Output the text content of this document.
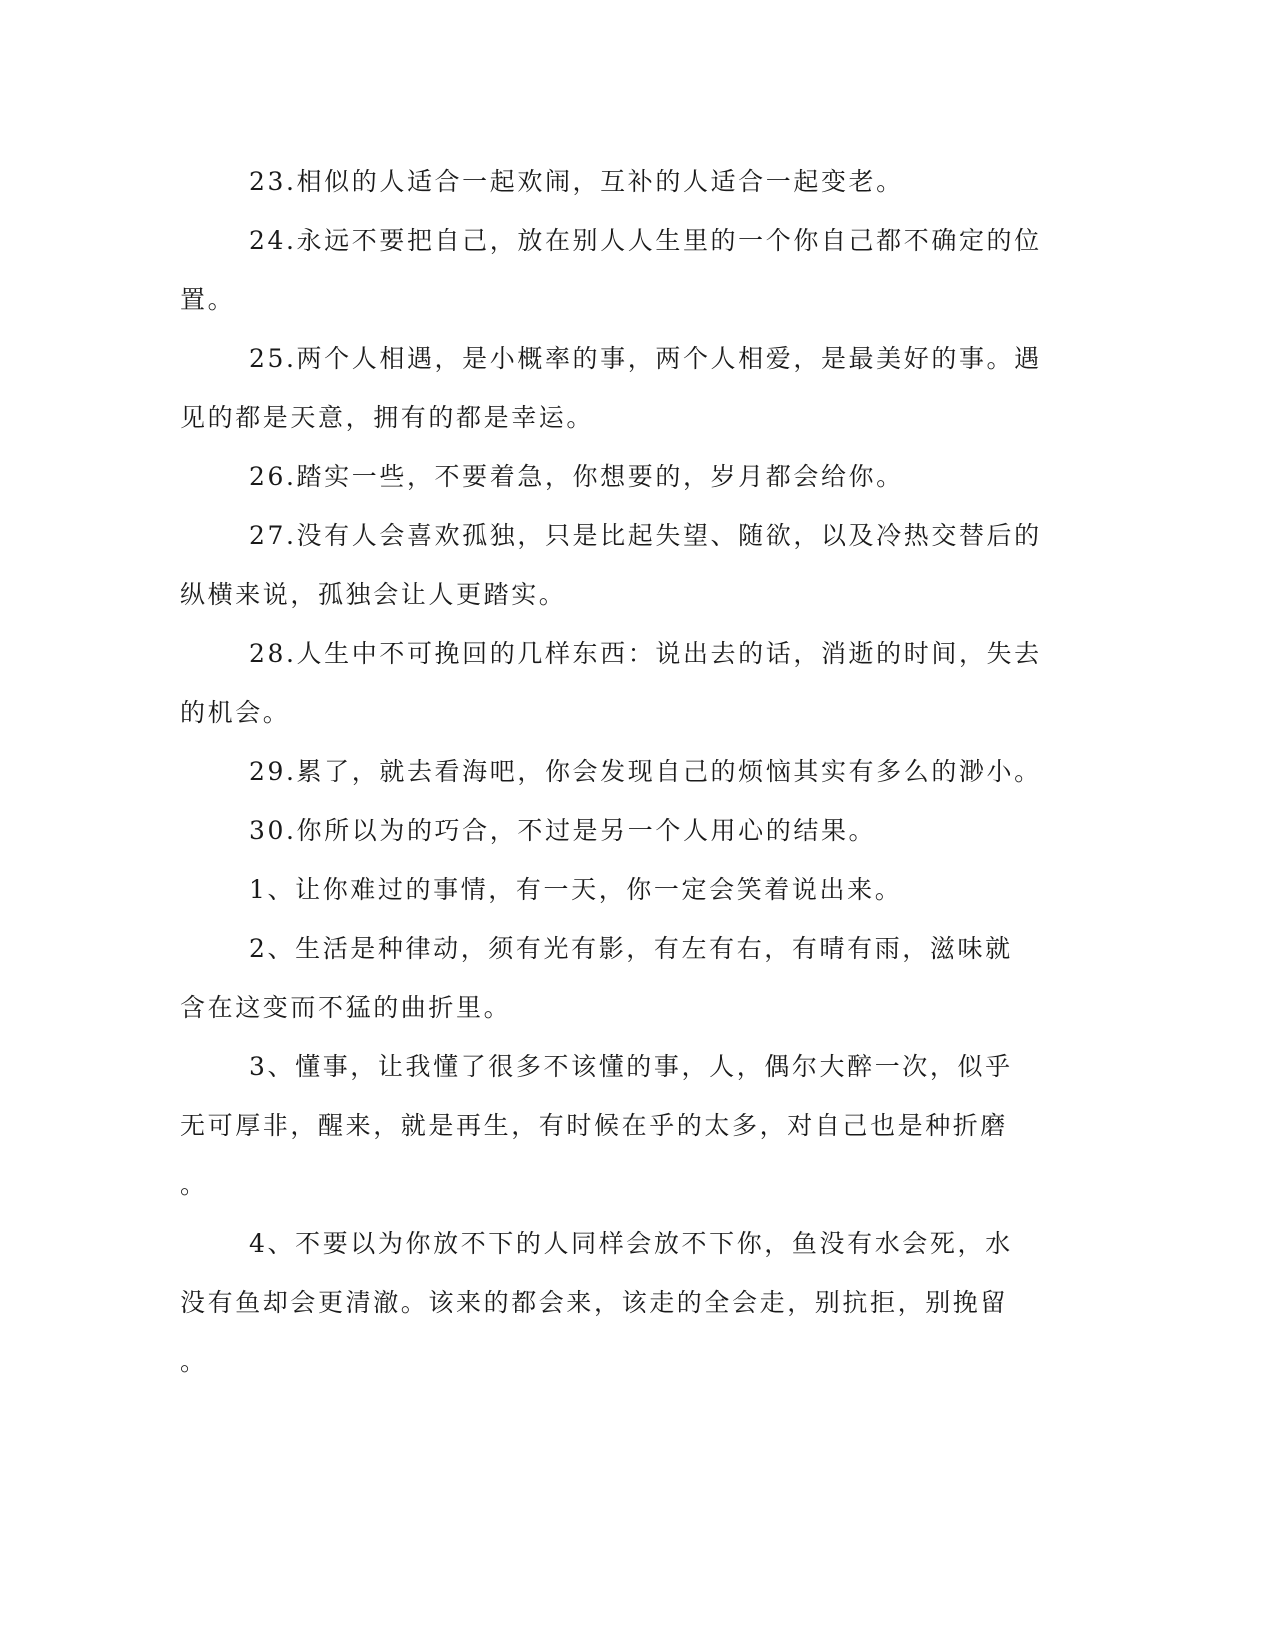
23.相似的人适合一起欢闹，互补的人适合一起变老。
24.永远不要把自己，放在别人人生里的一个你自己都不确定的位
置。
25.两个人相遇，是小概率的事，两个人相爱，是最美好的事。遇
见的都是天意，拥有的都是幸运。
26.踏实一些，不要着急，你想要的，岁月都会给你。
27.没有人会喜欢孤独，只是比起失望、随欲，以及冷热交替后的
纵横来说，孤独会让人更踏实。
28.人生中不可挽回的几样东西：说出去的话，消逝的时间，失去
的机会。
29.累了，就去看海吧，你会发现自己的烦恼其实有多么的渺小。
30.你所以为的巧合，不过是另一个人用心的结果。
1、让你难过的事情，有一天，你一定会笑着说出来。
2、生活是种律动，须有光有影，有左有右，有晴有雨，滋味就
含在这变而不猛的曲折里。
3、懂事，让我懂了很多不该懂的事，人，偶尔大醉一次，似乎
无可厚非，醒来，就是再生，有时候在乎的太多，对自己也是种折磨
。
4、不要以为你放不下的人同样会放不下你，鱼没有水会死，水
没有鱼却会更清澈。该来的都会来，该走的全会走，别抗拒，别挽留
。
